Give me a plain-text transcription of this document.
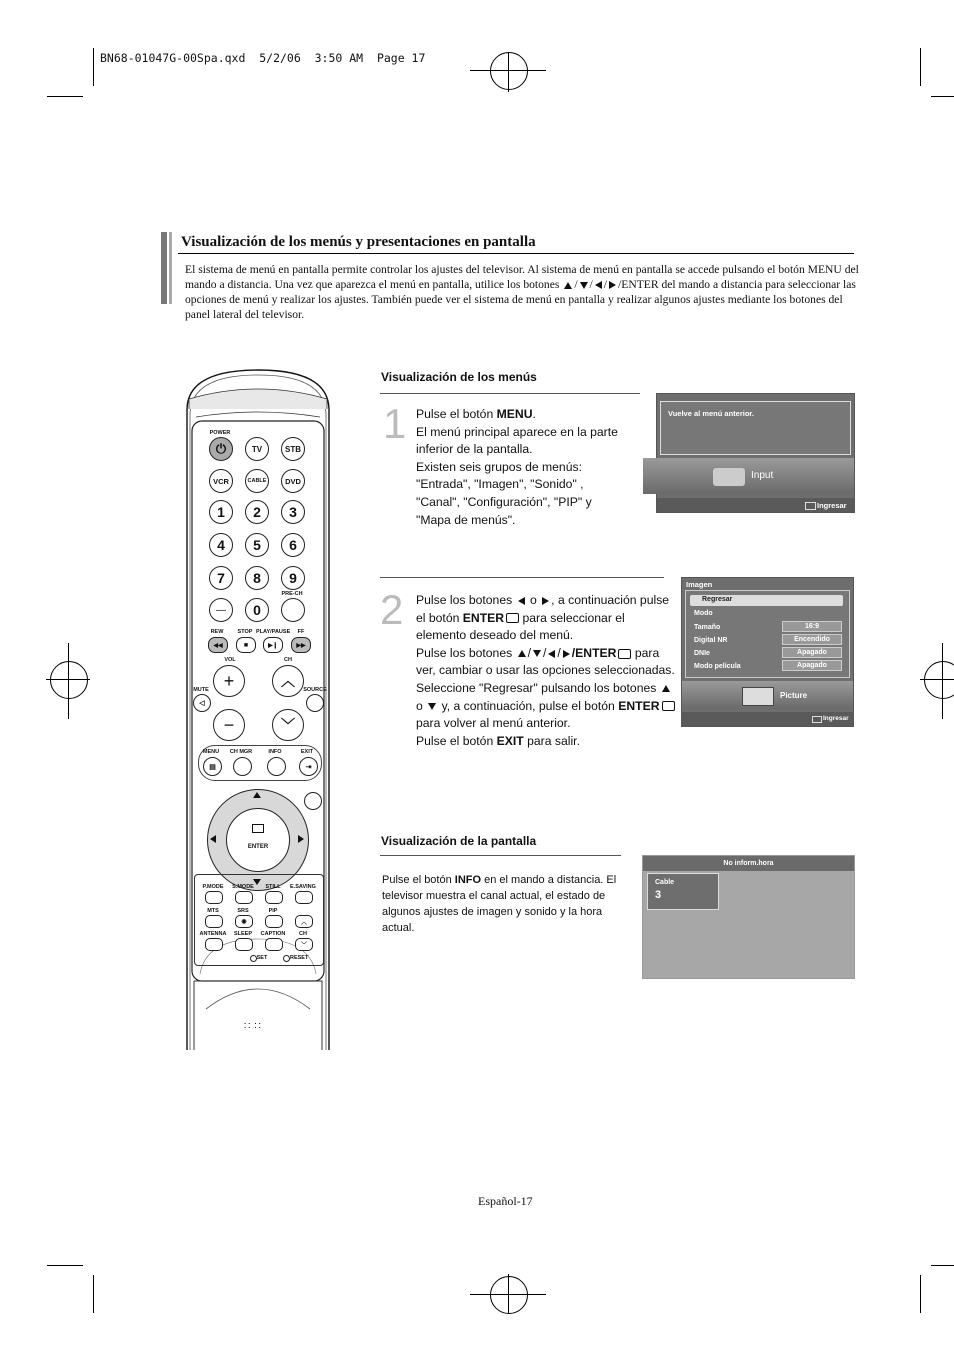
BN68-01047G-00Spa.qxd  5/2/06  3:50 AM  Page 17
Visualización de los menús y presentaciones en pantalla
El sistema de menú en pantalla permite controlar los ajustes del televisor. Al sistema de menú en pantalla se accede pulsando el botón MENU del mando a distancia. Una vez que aparezca el menú en pantalla, utilice los botones / / / /ENTER del mando a distancia para seleccionar las opciones de menú y realizar los ajustes. También puede ver el sistema de menú en pantalla y realizar algunos ajustes mediante los botones del panel lateral del televisor.
Visualización de los menús
1 Pulse el botón MENU.
El menú principal aparece en la parte inferior de la pantalla.
Existen seis grupos de menús: "Entrada", "Imagen", "Sonido" , "Canal", "Configuración", "PIP" y "Mapa de menús".
2 Pulse los botones o , a continuación pulse el botón ENTER para seleccionar el elemento deseado del menú.
Pulse los botones / / / /ENTER para ver, cambiar o usar las opciones seleccionadas.
Seleccione "Regresar" pulsando los botones  o y, a continuación, pulse el botón ENTER para volver al menú anterior.
Pulse el botón EXIT para salir.
Visualización de la pantalla
Pulse el botón INFO en el mando a distancia. El televisor muestra el canal actual, el estado de algunos ajustes de imagen y sonido y la hora actual.
Vuelve al menú anterior.
Input
Ingresar
Imagen
Regresar
Modo
Tamaño
Digital NR
DNIe
Modo película
16:9
Encendido
Apagado
Apagado
Picture
Ingresar
No inform.hora
Cable
3
POWER
⏻	TV	STB
VCR	CABLE	DVD
1	2	3
4	5	6
7	8	9
—	0
PRE-CH
REW	STOP PLAY/PAUSE	FF
◀◀	■	▶❙	▶▶
VOL	CH
+	︿
−	﹀
MUTE
◁
SOURCE
MENU	CH MGR	INFO	EXIT
▤	⇥
ENTER
P.MODE	S.MODE	STILL	E.SAVING
MTS	SRS	PIP
◉	︿
ANTENNA	SLEEP	CAPTION	CH
﹀
SET	RESET
∷∷
Español-17
